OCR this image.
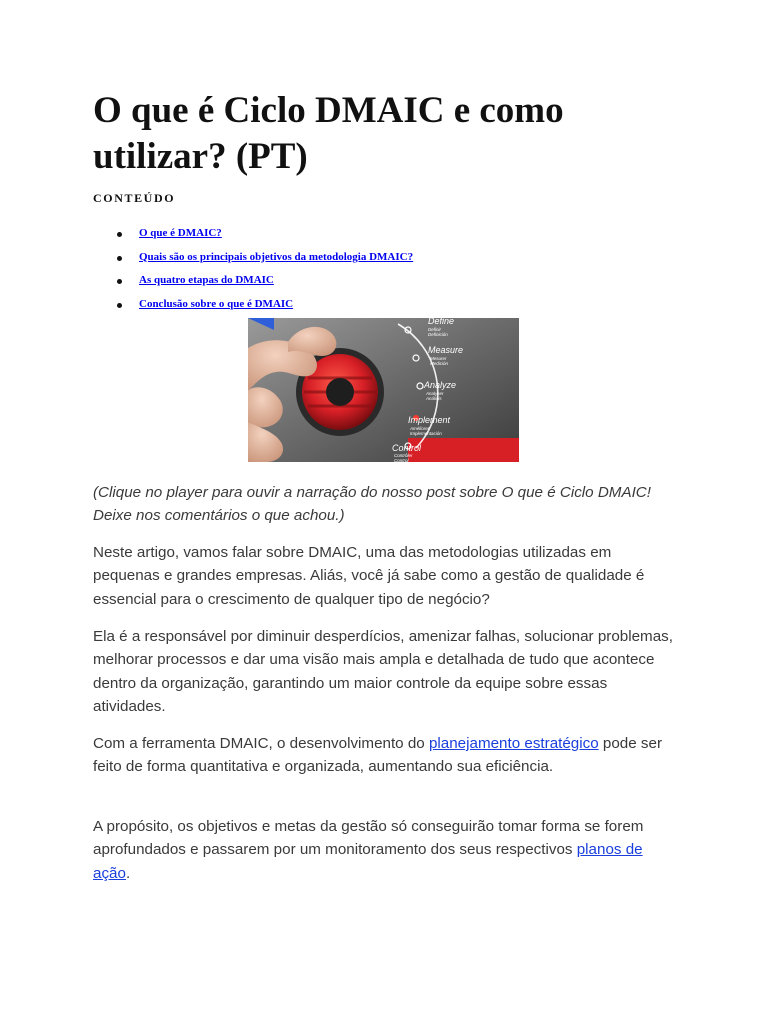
O que é Ciclo DMAIC e como utilizar? (PT)
CONTEÚDO
O que é DMAIC?
Quais são os principais objetivos da metodologia DMAIC?
As quatro etapas do DMAIC
Conclusão sobre o que é DMAIC
Define
Definir
Definición
Measure
Mesurer
Medición
Analyze
Analyser
Análisis
Implement
Améliorer
Implementación
Control
Contrôler
Control

(Clique no player para ouvir a narração do nosso post sobre O que é Ciclo DMAIC! Deixe nos comentários o que achou.)

Neste artigo, vamos falar sobre DMAIC, uma das metodologias utilizadas em pequenas e grandes empresas. Aliás, você já sabe como a gestão de qualidade é essencial para o crescimento de qualquer tipo de negócio?

Ela é a responsável por diminuir desperdícios, amenizar falhas, solucionar problemas, melhorar processos e dar uma visão mais ampla e detalhada de tudo que acontece dentro da organização, garantindo um maior controle da equipe sobre essas atividades.

Com a ferramenta DMAIC, o desenvolvimento do planejamento estratégico pode ser feito de forma quantitativa e organizada, aumentando sua eficiência.

A propósito, os objetivos e metas da gestão só conseguirão tomar forma se forem aprofundados e passarem por um monitoramento dos seus respectivos planos de ação.
